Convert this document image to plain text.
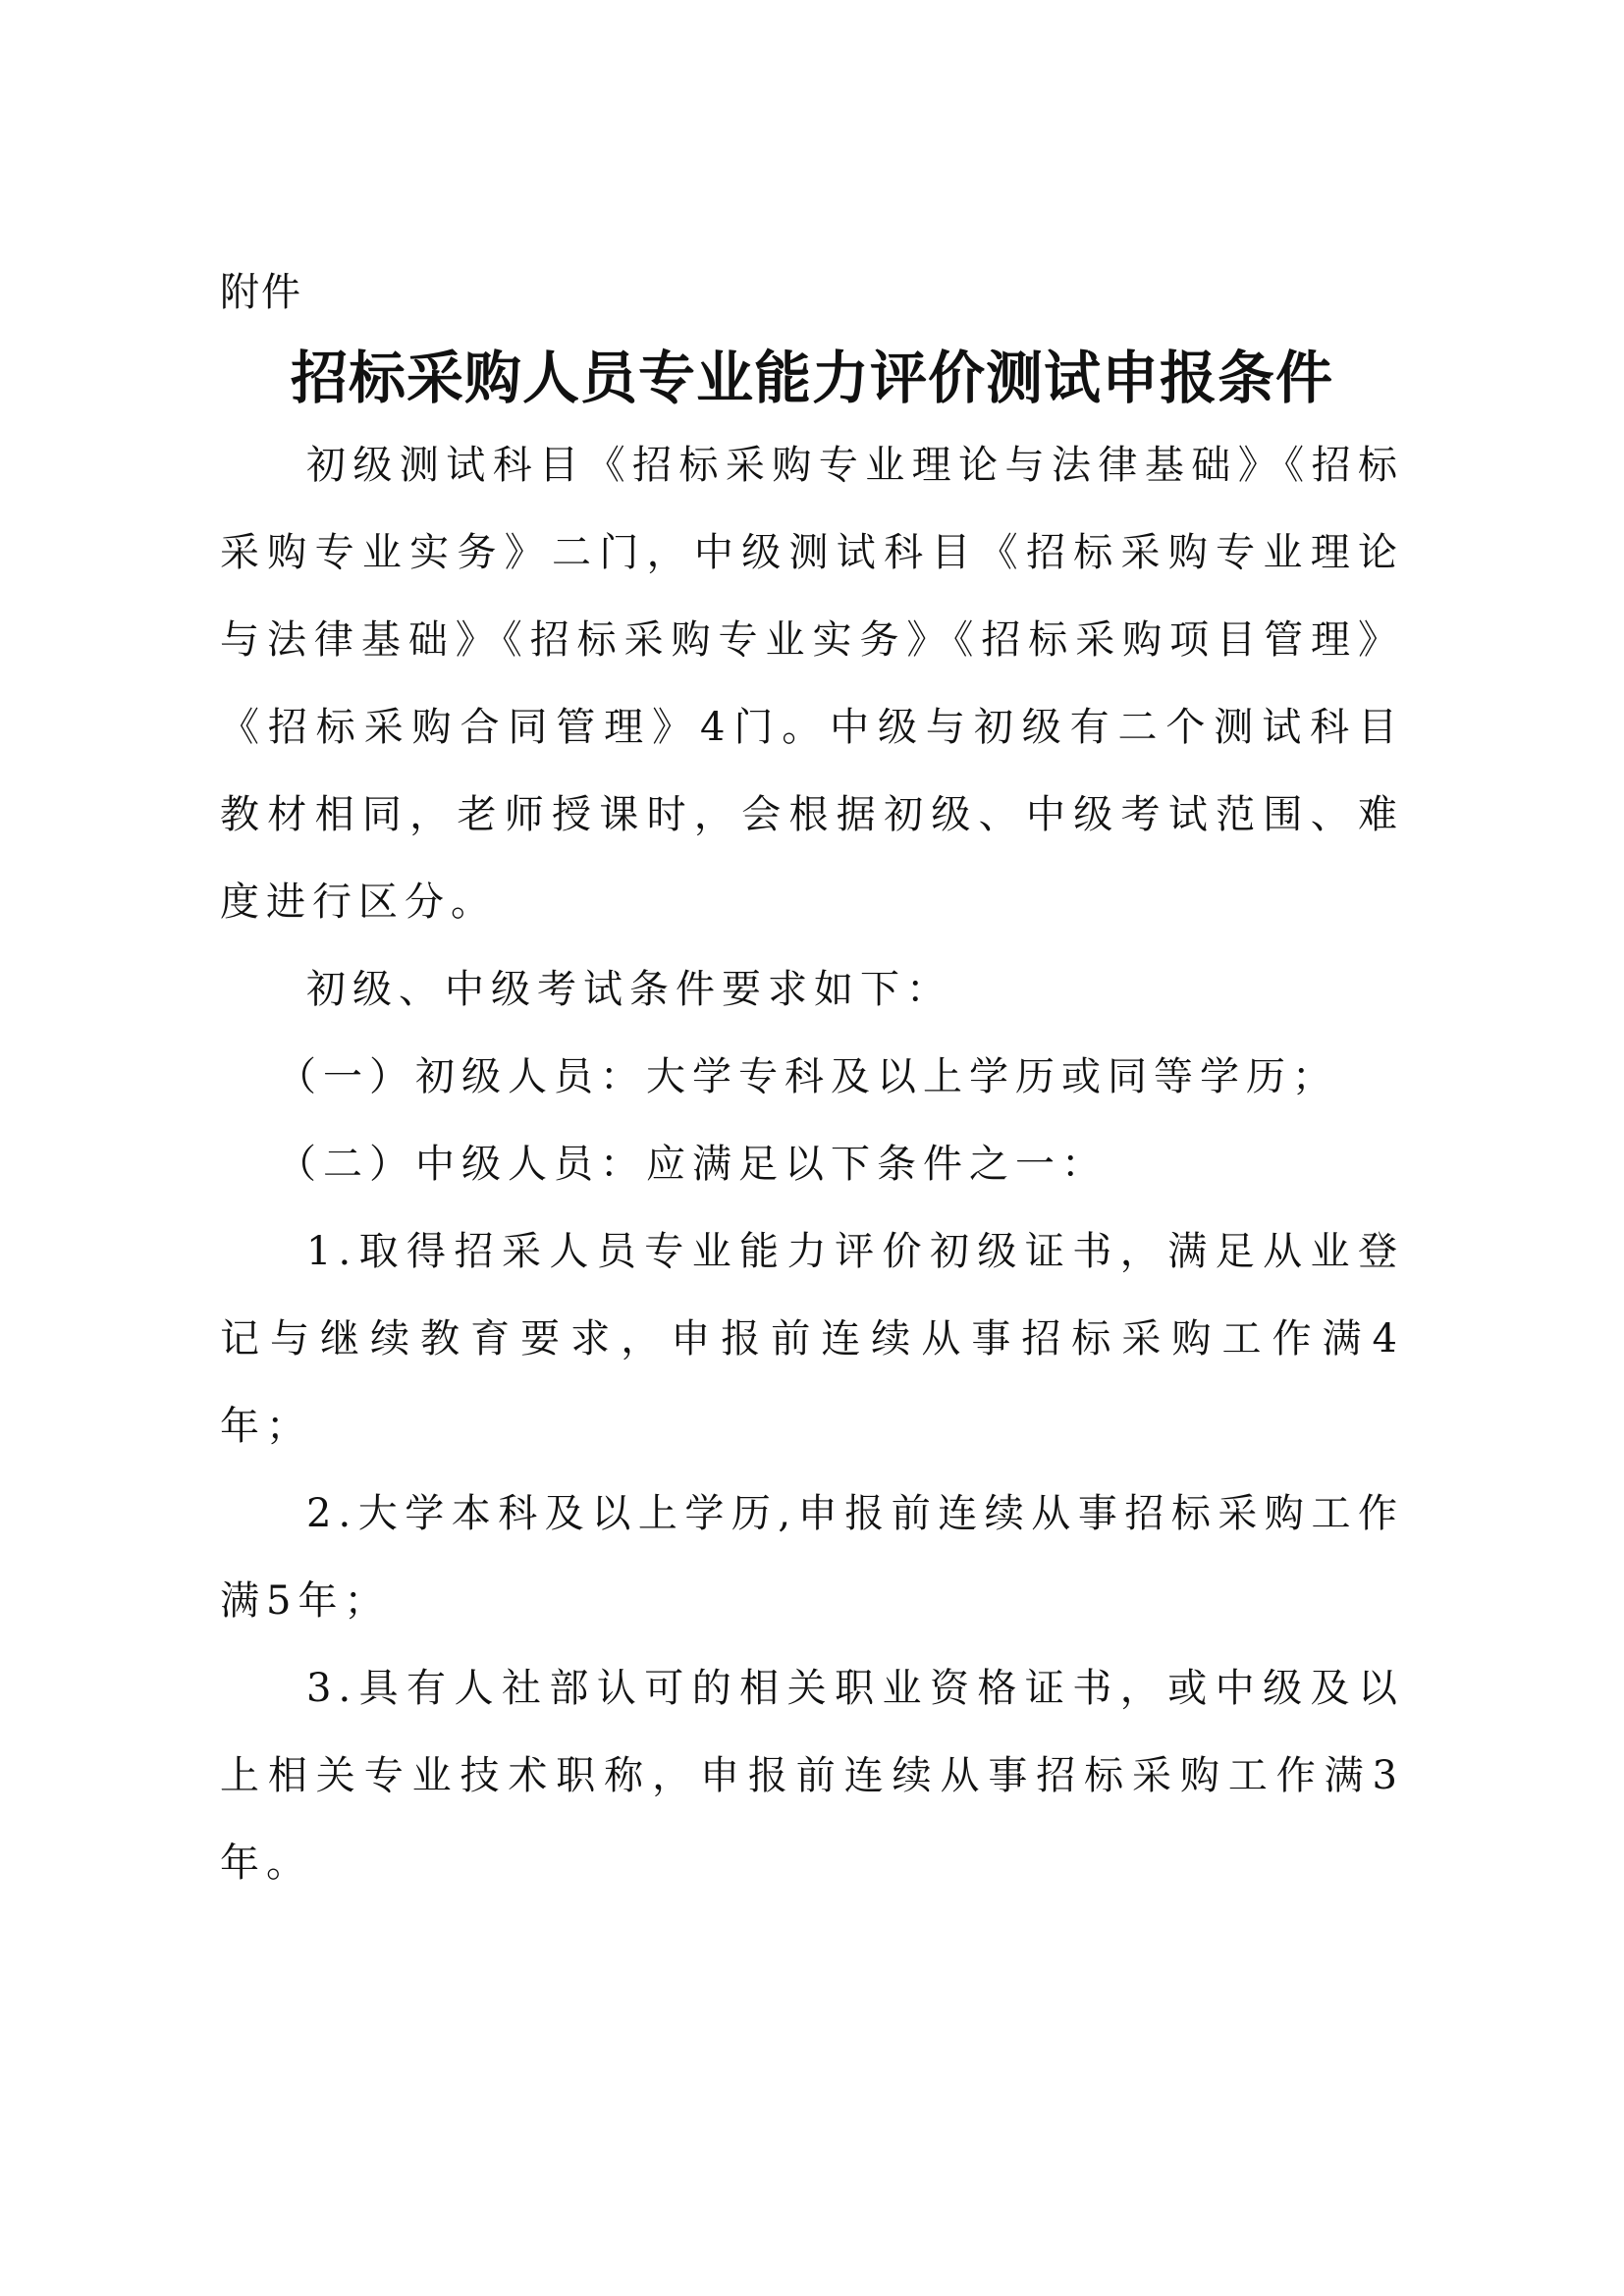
附件
招标采购人员专业能力评价测试申报条件

初级测试科目《招标采购专业理论与法律基础》《招标采购专业实务》二门，中级测试科目《招标采购专业理论与法律基础》《招标采购专业实务》《招标采购项目管理》《招标采购合同管理》4门。中级与初级有二个测试科目教材相同，老师授课时，会根据初级、中级考试范围、难度进行区分。

初级、中级考试条件要求如下：

（一）初级人员：大学专科及以上学历或同等学历；

（二）中级人员：应满足以下条件之一：

1.取得招采人员专业能力评价初级证书，满足从业登记与继续教育要求，申报前连续从事招标采购工作满4年；

2.大学本科及以上学历,申报前连续从事招标采购工作满5年；

3.具有人社部认可的相关职业资格证书，或中级及以上相关专业技术职称，申报前连续从事招标采购工作满3年。
